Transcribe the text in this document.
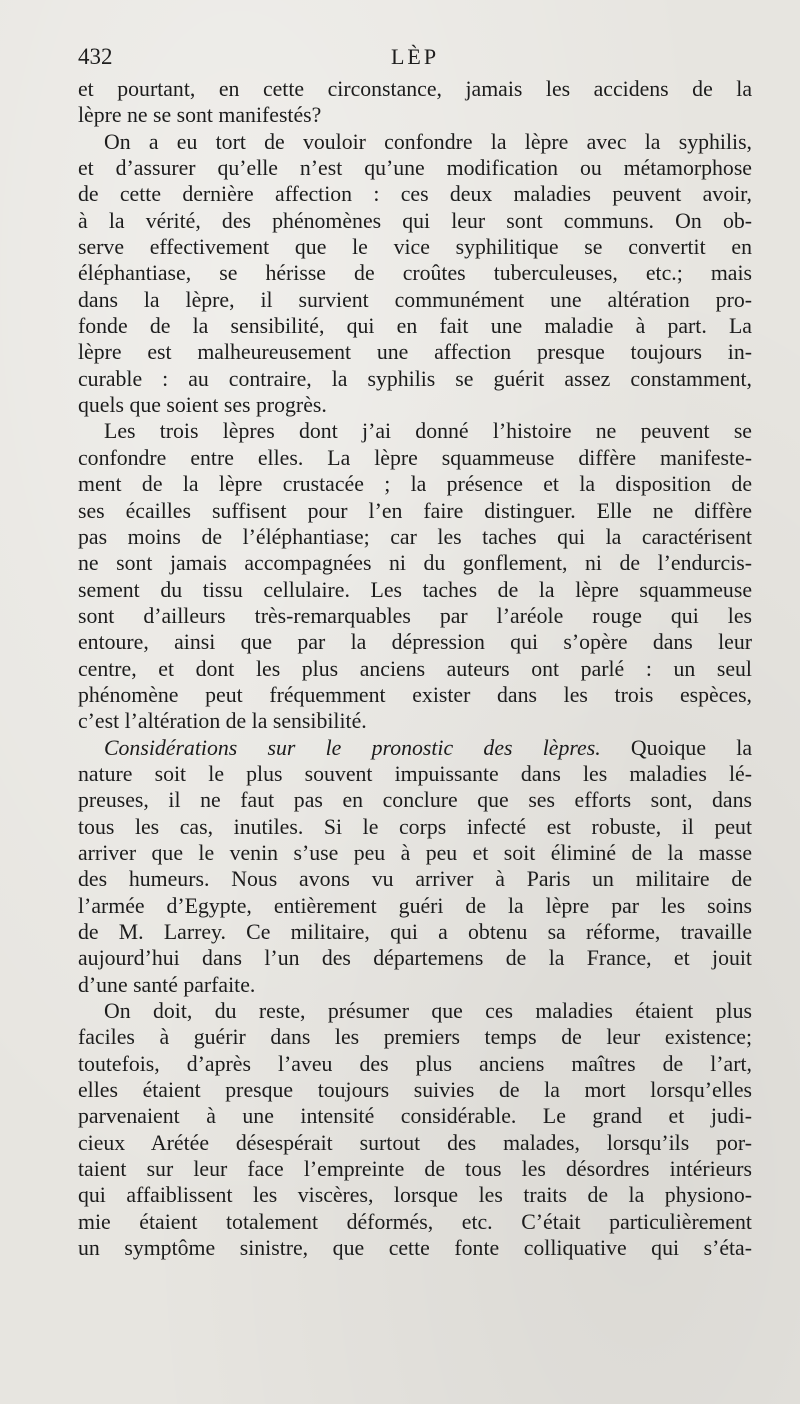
432	LÈP
et pourtant, en cette circonstance, jamais les accidens de la
lèpre ne se sont manifestés?
On a eu tort de vouloir confondre la lèpre avec la syphilis,
et d’assurer qu’elle n’est qu’une modification ou métamorphose
de cette dernière affection : ces deux maladies peuvent avoir,
à la vérité, des phénomènes qui leur sont communs. On ob-
serve effectivement que le vice syphilitique se convertit en
éléphantiase, se hérisse de croûtes tuberculeuses, etc.; mais
dans la lèpre, il survient communément une altération pro-
fonde de la sensibilité, qui en fait une maladie à part. La
lèpre est malheureusement une affection presque toujours in-
curable : au contraire, la syphilis se guérit assez constamment,
quels que soient ses progrès.
Les trois lèpres dont j’ai donné l’histoire ne peuvent se
confondre entre elles. La lèpre squammeuse diffère manifeste-
ment de la lèpre crustacée ; la présence et la disposition de
ses écailles suffisent pour l’en faire distinguer. Elle ne diffère
pas moins de l’éléphantiase; car les taches qui la caractérisent
ne sont jamais accompagnées ni du gonflement, ni de l’endurcis-
sement du tissu cellulaire. Les taches de la lèpre squammeuse
sont d’ailleurs très-remarquables par l’aréole rouge qui les
entoure, ainsi que par la dépression qui s’opère dans leur
centre, et dont les plus anciens auteurs ont parlé : un seul
phénomène peut fréquemment exister dans les trois espèces,
c’est l’altération de la sensibilité.
Considérations sur le pronostic des lèpres. Quoique la
nature soit le plus souvent impuissante dans les maladies lé-
preuses, il ne faut pas en conclure que ses efforts sont, dans
tous les cas, inutiles. Si le corps infecté est robuste, il peut
arriver que le venin s’use peu à peu et soit éliminé de la masse
des humeurs. Nous avons vu arriver à Paris un militaire de
l’armée d’Egypte, entièrement guéri de la lèpre par les soins
de M. Larrey. Ce militaire, qui a obtenu sa réforme, travaille
aujourd’hui dans l’un des départemens de la France, et jouit
d’une santé parfaite.
On doit, du reste, présumer que ces maladies étaient plus
faciles à guérir dans les premiers temps de leur existence;
toutefois, d’après l’aveu des plus anciens maîtres de l’art,
elles étaient presque toujours suivies de la mort lorsqu’elles
parvenaient à une intensité considérable. Le grand et judi-
cieux Arétée désespérait surtout des malades, lorsqu’ils por-
taient sur leur face l’empreinte de tous les désordres intérieurs
qui affaiblissent les viscères, lorsque les traits de la physiono-
mie étaient totalement déformés, etc. C’était particulièrement
un symptôme sinistre, que cette fonte colliquative qui s’éta-
